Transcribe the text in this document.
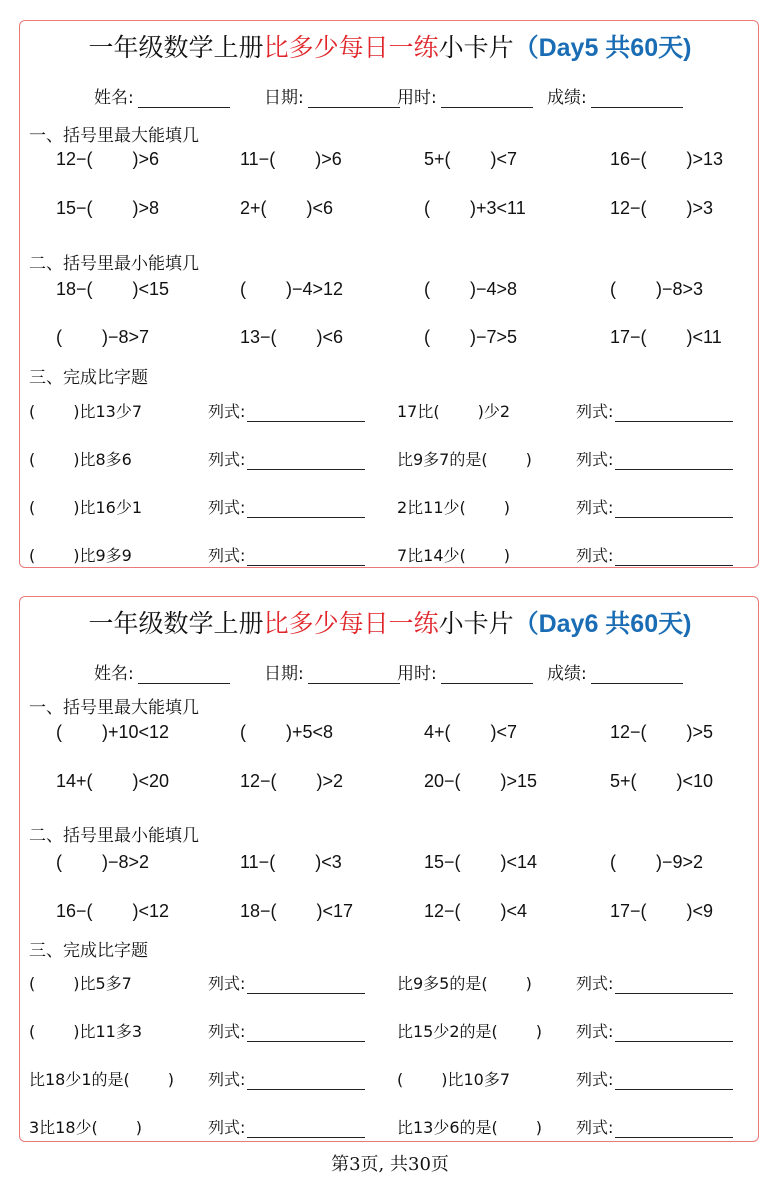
一年级数学上册比多少每日一练小卡片（Day5 共60天)
姓名:	日期:	用时:	成绩:
一、括号里最大能填几
12−( )>6	11−( )>6	5+( )<7	16−( )>13
15−( )>8	2+( )<6	( )+3<11	12−( )>3
二、括号里最小能填几
18−( )<15	( )−4>12	( )−4>8	( )−8>3
( )−8>7	13−( )<6	( )−7>5	17−( )<11
三、完成比字题
( )比13少7	列式:	17比( )少2	列式:
( )比8多6	列式:	比9多7的是( )	列式:
( )比16少1	列式:	2比11少( )	列式:
( )比9多9	列式:	7比14少( )	列式:
一年级数学上册比多少每日一练小卡片（Day6 共60天)
姓名:	日期:	用时:	成绩:
一、括号里最大能填几
( )+10<12	( )+5<8	4+( )<7	12−( )>5
14+( )<20	12−( )>2	20−( )>15	5+( )<10
二、括号里最小能填几
( )−8>2	11−( )<3	15−( )<14	( )−9>2
16−( )<12	18−( )<17	12−( )<4	17−( )<9
三、完成比字题
( )比5多7	列式:	比9多5的是( )	列式:
( )比11多3	列式:	比15少2的是( ) 列式:
比18少1的是( ) 列式:	( )比10多7	列式:
3比18少( )	列式:	比13少6的是( ) 列式:
第3页, 共30页
